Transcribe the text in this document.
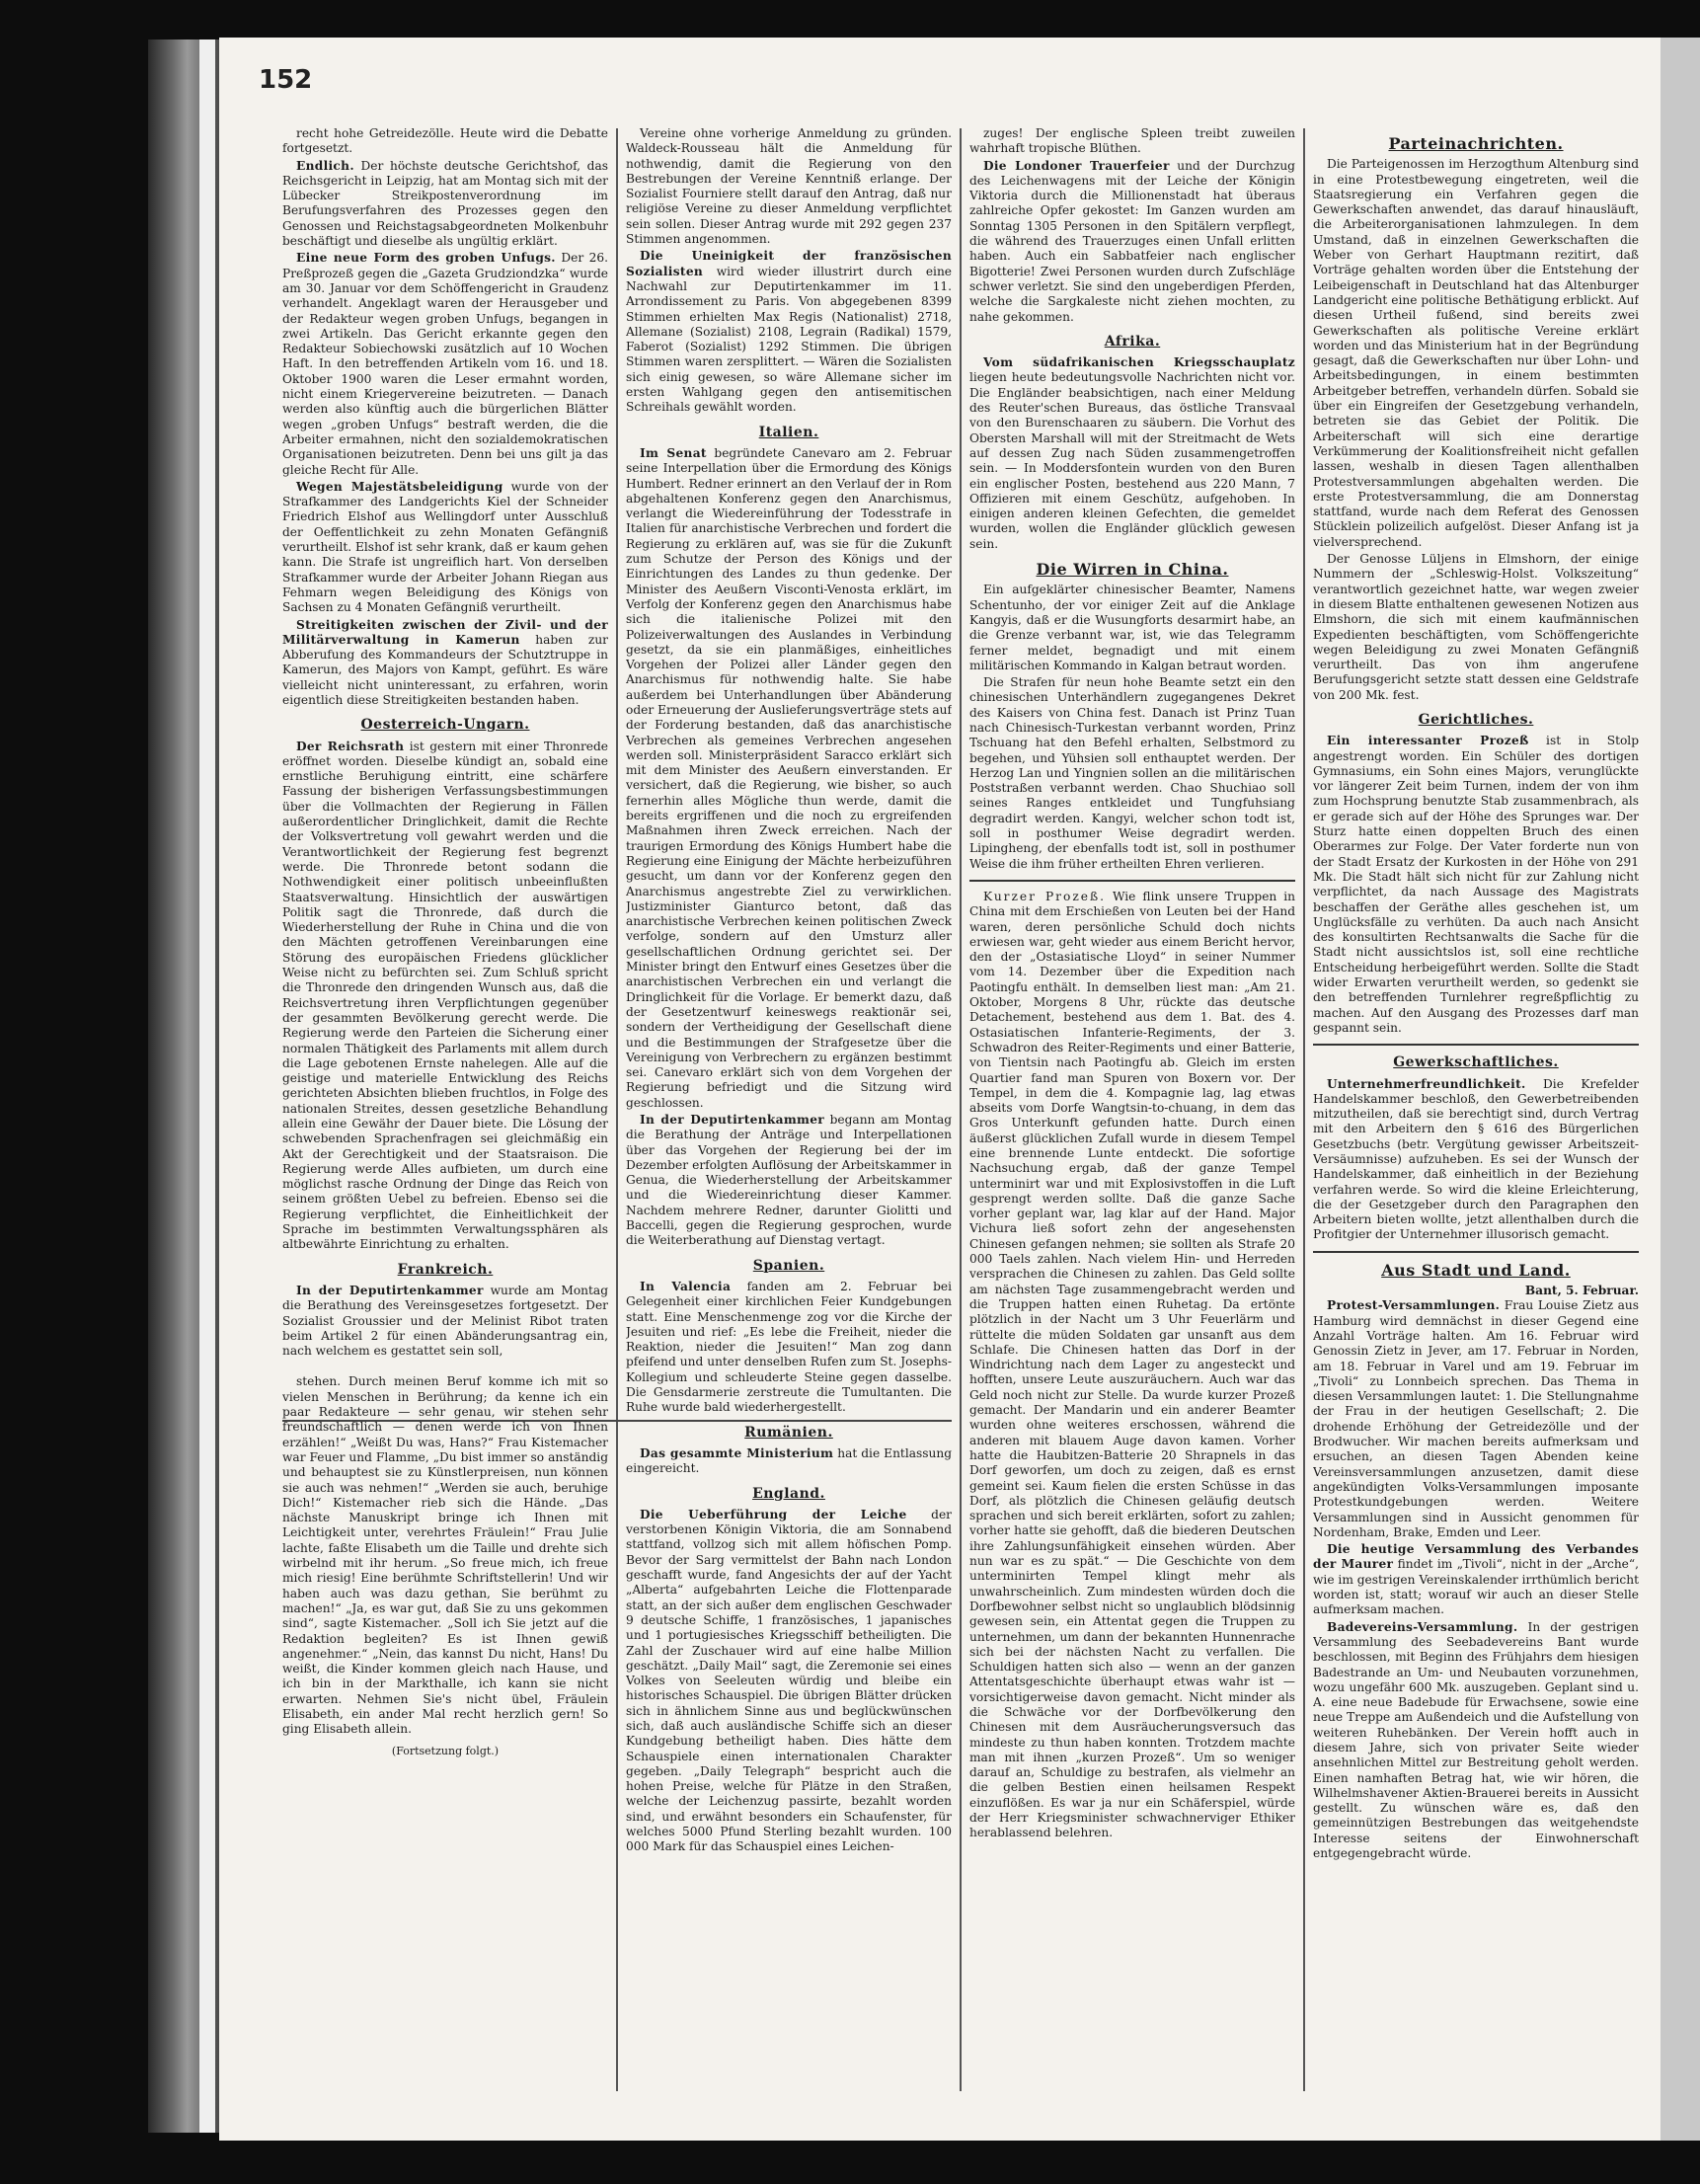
152

recht hohe Getreidezölle. Heute wird die Debatte fortgesetzt.

Endlich. Der höchste deutsche Gerichtshof, das Reichsgericht in Leipzig, hat am Montag sich mit der Lübecker Streikpostenverordnung im Berufungsverfahren des Prozesses gegen den Genossen und Reichstagsabgeordneten Molkenbuhr beschäftigt und dieselbe als ungültig erklärt.

Eine neue Form des groben Unfugs. Der 26. Preßprozeß gegen die „Gazeta Grudziondzka“ wurde am 30. Januar vor dem Schöffengericht in Graudenz verhandelt. Angeklagt waren der Herausgeber und der Redakteur wegen groben Unfugs, begangen in zwei Artikeln. Das Gericht erkannte gegen den Redakteur Sobiechowski zusätzlich auf 10 Wochen Haft. In den betreffenden Artikeln vom 16. und 18. Oktober 1900 waren die Leser ermahnt worden, nicht einem Kriegervereine beizutreten. — Danach werden also künftig auch die bürgerlichen Blätter wegen „groben Unfugs“ bestraft werden, die die Arbeiter ermahnen, nicht den sozialdemokratischen Organisationen beizutreten. Denn bei uns gilt ja das gleiche Recht für Alle.

Wegen Majestätsbeleidigung wurde von der Strafkammer des Landgerichts Kiel der Schneider Friedrich Elshof aus Wellingdorf unter Ausschluß der Oeffentlichkeit zu zehn Monaten Gefängniß verurtheilt. Elshof ist sehr krank, daß er kaum gehen kann. Die Strafe ist ungreiflich hart. Von derselben Strafkammer wurde der Arbeiter Johann Riegan aus Fehmarn wegen Beleidigung des Königs von Sachsen zu 4 Monaten Gefängniß verurtheilt.

Streitigkeiten zwischen der Zivil- und der Militärverwaltung in Kamerun haben zur Abberufung des Kommandeurs der Schutztruppe in Kamerun, des Majors von Kampt, geführt. Es wäre vielleicht nicht uninteressant, zu erfahren, worin eigentlich diese Streitigkeiten bestanden haben.

Oesterreich-Ungarn.

Der Reichsrath ist gestern mit einer Thronrede eröffnet worden. Dieselbe kündigt an, sobald eine ernstliche Beruhigung eintritt, eine schärfere Fassung der bisherigen Verfassungsbestimmungen über die Vollmachten der Regierung in Fällen außerordentlicher Dringlichkeit, damit die Rechte der Volksvertretung voll gewahrt werden und die Verantwortlichkeit der Regierung fest begrenzt werde. Die Thronrede betont sodann die Nothwendigkeit einer politisch unbeeinflußten Staatsverwaltung. Hinsichtlich der auswärtigen Politik sagt die Thronrede, daß durch die Wiederherstellung der Ruhe in China und die von den Mächten getroffenen Vereinbarungen eine Störung des europäischen Friedens glücklicher Weise nicht zu befürchten sei. Zum Schluß spricht die Thronrede den dringenden Wunsch aus, daß die Reichsvertretung ihren Verpflichtungen gegenüber der gesammten Bevölkerung gerecht werde. Die Regierung werde den Parteien die Sicherung einer normalen Thätigkeit des Parlaments mit allem durch die Lage gebotenen Ernste nahelegen. Alle auf die geistige und materielle Entwicklung des Reichs gerichteten Absichten blieben fruchtlos, in Folge des nationalen Streites, dessen gesetzliche Behandlung allein eine Gewähr der Dauer biete. Die Lösung der schwebenden Sprachenfragen sei gleichmäßig ein Akt der Gerechtigkeit und der Staatsraison. Die Regierung werde Alles aufbieten, um durch eine möglichst rasche Ordnung der Dinge das Reich von seinem größten Uebel zu befreien. Ebenso sei die Regierung verpflichtet, die Einheitlichkeit der Sprache im bestimmten Verwaltungssphären als altbewährte Einrichtung zu erhalten.

Frankreich.

In der Deputirtenkammer wurde am Montag die Berathung des Vereinsgesetzes fortgesetzt. Der Sozialist Groussier und der Melinist Ribot traten beim Artikel 2 für einen Abänderungsantrag ein, nach welchem es gestattet sein soll,

stehen. Durch meinen Beruf komme ich mit so vielen Menschen in Berührung; da kenne ich ein paar Redakteure — sehr genau, wir stehen sehr freundschaftlich — denen werde ich von Ihnen erzählen!“ „Weißt Du was, Hans?“ Frau Kistemacher war Feuer und Flamme, „Du bist immer so anständig und behauptest sie zu Künstlerpreisen, nun können sie auch was nehmen!“ „Werden sie auch, beruhige Dich!“ Kistemacher rieb sich die Hände. „Das nächste Manuskript bringe ich Ihnen mit Leichtigkeit unter, verehrtes Fräulein!“ Frau Julie lachte, faßte Elisabeth um die Taille und drehte sich wirbelnd mit ihr herum. „So freue mich, ich freue mich riesig! Eine berühmte Schriftstellerin! Und wir haben auch was dazu gethan, Sie berühmt zu machen!“ „Ja, es war gut, daß Sie zu uns gekommen sind“, sagte Kistemacher. „Soll ich Sie jetzt auf die Redaktion begleiten? Es ist Ihnen gewiß angenehmer.“ „Nein, das kannst Du nicht, Hans! Du weißt, die Kinder kommen gleich nach Hause, und ich bin in der Markthalle, ich kann sie nicht erwarten. Nehmen Sie's nicht übel, Fräulein Elisabeth, ein ander Mal recht herzlich gern! So ging Elisabeth allein.

(Fortsetzung folgt.)

Vereine ohne vorherige Anmeldung zu gründen. Waldeck-Rousseau hält die Anmeldung für nothwendig, damit die Regierung von den Bestrebungen der Vereine Kenntniß erlange. Der Sozialist Fourniere stellt darauf den Antrag, daß nur religiöse Vereine zu dieser Anmeldung verpflichtet sein sollen. Dieser Antrag wurde mit 292 gegen 237 Stimmen angenommen.

Die Uneinigkeit der französischen Sozialisten wird wieder illustrirt durch eine Nachwahl zur Deputirtenkammer im 11. Arrondissement zu Paris. Von abgegebenen 8399 Stimmen erhielten Max Regis (Nationalist) 2718, Allemane (Sozialist) 2108, Legrain (Radikal) 1579, Faberot (Sozialist) 1292 Stimmen. Die übrigen Stimmen waren zersplittert. — Wären die Sozialisten sich einig gewesen, so wäre Allemane sicher im ersten Wahlgang gegen den antisemitischen Schreihals gewählt worden.

Italien.

Im Senat begründete Canevaro am 2. Februar seine Interpellation über die Ermordung des Königs Humbert. Redner erinnert an den Verlauf der in Rom abgehaltenen Konferenz gegen den Anarchismus, verlangt die Wiedereinführung der Todesstrafe in Italien für anarchistische Verbrechen und fordert die Regierung zu erklären auf, was sie für die Zukunft zum Schutze der Person des Königs und der Einrichtungen des Landes zu thun gedenke. Der Minister des Aeußern Visconti-Venosta erklärt, im Verfolg der Konferenz gegen den Anarchismus habe sich die italienische Polizei mit den Polizeiverwaltungen des Auslandes in Verbindung gesetzt, da sie ein planmäßiges, einheitliches Vorgehen der Polizei aller Länder gegen den Anarchismus für nothwendig halte. Sie habe außerdem bei Unterhandlungen über Abänderung oder Erneuerung der Auslieferungsverträge stets auf der Forderung bestanden, daß das anarchistische Verbrechen als gemeines Verbrechen angesehen werden soll. Ministerpräsident Saracco erklärt sich mit dem Minister des Aeußern einverstanden. Er versichert, daß die Regierung, wie bisher, so auch fernerhin alles Mögliche thun werde, damit die bereits ergriffenen und die noch zu ergreifenden Maßnahmen ihren Zweck erreichen. Nach der traurigen Ermordung des Königs Humbert habe die Regierung eine Einigung der Mächte herbeizuführen gesucht, um dann vor der Konferenz gegen den Anarchismus angestrebte Ziel zu verwirklichen. Justizminister Gianturco betont, daß das anarchistische Verbrechen keinen politischen Zweck verfolge, sondern auf den Umsturz aller gesellschaftlichen Ordnung gerichtet sei. Der Minister bringt den Entwurf eines Gesetzes über die anarchistischen Verbrechen ein und verlangt die Dringlichkeit für die Vorlage. Er bemerkt dazu, daß der Gesetzentwurf keineswegs reaktionär sei, sondern der Vertheidigung der Gesellschaft diene und die Bestimmungen der Strafgesetze über die Vereinigung von Verbrechern zu ergänzen bestimmt sei. Canevaro erklärt sich von dem Vorgehen der Regierung befriedigt und die Sitzung wird geschlossen.

In der Deputirtenkammer begann am Montag die Berathung der Anträge und Interpellationen über das Vorgehen der Regierung bei der im Dezember erfolgten Auflösung der Arbeitskammer in Genua, die Wiederherstellung der Arbeitskammer und die Wiedereinrichtung dieser Kammer. Nachdem mehrere Redner, darunter Giolitti und Baccelli, gegen die Regierung gesprochen, wurde die Weiterberathung auf Dienstag vertagt.

Spanien.

In Valencia fanden am 2. Februar bei Gelegenheit einer kirchlichen Feier Kundgebungen statt. Eine Menschenmenge zog vor die Kirche der Jesuiten und rief: „Es lebe die Freiheit, nieder die Reaktion, nieder die Jesuiten!“ Man zog dann pfeifend und unter denselben Rufen zum St. Josephs-Kollegium und schleuderte Steine gegen dasselbe. Die Gensdarmerie zerstreute die Tumultanten. Die Ruhe wurde bald wiederhergestellt.

Rumänien.

Das gesammte Ministerium hat die Entlassung eingereicht.

England.

Die Ueberführung der Leiche der verstorbenen Königin Viktoria, die am Sonnabend stattfand, vollzog sich mit allem höfischen Pomp. Bevor der Sarg vermittelst der Bahn nach London geschafft wurde, fand Angesichts der auf der Yacht „Alberta“ aufgebahrten Leiche die Flottenparade statt, an der sich außer dem englischen Geschwader 9 deutsche Schiffe, 1 französisches, 1 japanisches und 1 portugiesisches Kriegsschiff betheiligten. Die Zahl der Zuschauer wird auf eine halbe Million geschätzt. „Daily Mail“ sagt, die Zeremonie sei eines Volkes von Seeleuten würdig und bleibe ein historisches Schauspiel. Die übrigen Blätter drücken sich in ähnlichem Sinne aus und beglückwünschen sich, daß auch ausländische Schiffe sich an dieser Kundgebung betheiligt haben. Dies hätte dem Schauspiele einen internationalen Charakter gegeben. „Daily Telegraph“ bespricht auch die hohen Preise, welche für Plätze in den Straßen, welche der Leichenzug passirte, bezahlt worden sind, und erwähnt besonders ein Schaufenster, für welches 5000 Pfund Sterling bezahlt wurden. 100 000 Mark für das Schauspiel eines Leichen-

zuges! Der englische Spleen treibt zuweilen wahrhaft tropische Blüthen.

Die Londoner Trauerfeier und der Durchzug des Leichenwagens mit der Leiche der Königin Viktoria durch die Millionenstadt hat überaus zahlreiche Opfer gekostet: Im Ganzen wurden am Sonntag 1305 Personen in den Spitälern verpflegt, die während des Trauerzuges einen Unfall erlitten haben. Auch ein Sabbatfeier nach englischer Bigotterie! Zwei Personen wurden durch Zufschläge schwer verletzt. Sie sind den ungeberdigen Pferden, welche die Sargkaleste nicht ziehen mochten, zu nahe gekommen.

Afrika.

Vom südafrikanischen Kriegsschauplatz liegen heute bedeutungsvolle Nachrichten nicht vor. Die Engländer beabsichtigen, nach einer Meldung des Reuter'schen Bureaus, das östliche Transvaal von den Burenschaaren zu säubern. Die Vorhut des Obersten Marshall will mit der Streitmacht de Wets auf dessen Zug nach Süden zusammengetroffen sein. — In Moddersfontein wurden von den Buren ein englischer Posten, bestehend aus 220 Mann, 7 Offizieren mit einem Geschütz, aufgehoben. In einigen anderen kleinen Gefechten, die gemeldet wurden, wollen die Engländer glücklich gewesen sein.

Die Wirren in China.

Ein aufgeklärter chinesischer Beamter, Namens Schentunho, der vor einiger Zeit auf die Anklage Kangyis, daß er die Wusungforts desarmirt habe, an die Grenze verbannt war, ist, wie das Telegramm ferner meldet, begnadigt und mit einem militärischen Kommando in Kalgan betraut worden.

Die Strafen für neun hohe Beamte setzt ein den chinesischen Unterhändlern zugegangenes Dekret des Kaisers von China fest. Danach ist Prinz Tuan nach Chinesisch-Turkestan verbannt worden, Prinz Tschuang hat den Befehl erhalten, Selbstmord zu begehen, und Yühsien soll enthauptet werden. Der Herzog Lan und Yingnien sollen an die militärischen Poststraßen verbannt werden. Chao Shuchiao soll seines Ranges entkleidet und Tungfuhsiang degradirt werden. Kangyi, welcher schon todt ist, soll in posthumer Weise degradirt werden. Lipingheng, der ebenfalls todt ist, soll in posthumer Weise die ihm früher ertheilten Ehren verlieren.

Kurzer Prozeß. Wie flink unsere Truppen in China mit dem Erschießen von Leuten bei der Hand waren, deren persönliche Schuld doch nichts erwiesen war, geht wieder aus einem Bericht hervor, den der „Ostasiatische Lloyd“ in seiner Nummer vom 14. Dezember über die Expedition nach Paotingfu enthält. In demselben liest man: „Am 21. Oktober, Morgens 8 Uhr, rückte das deutsche Detachement, bestehend aus dem 1. Bat. des 4. Ostasiatischen Infanterie-Regiments, der 3. Schwadron des Reiter-Regiments und einer Batterie, von Tientsin nach Paotingfu ab. Gleich im ersten Quartier fand man Spuren von Boxern vor. Der Tempel, in dem die 4. Kompagnie lag, lag etwas abseits vom Dorfe Wangtsin-to-chuang, in dem das Gros Unterkunft gefunden hatte. Durch einen äußerst glücklichen Zufall wurde in diesem Tempel eine brennende Lunte entdeckt. Die sofortige Nachsuchung ergab, daß der ganze Tempel unterminirt war und mit Explosivstoffen in die Luft gesprengt werden sollte. Daß die ganze Sache vorher geplant war, lag klar auf der Hand. Major Vichura ließ sofort zehn der angesehensten Chinesen gefangen nehmen; sie sollten als Strafe 20 000 Taels zahlen. Nach vielem Hin- und Herreden versprachen die Chinesen zu zahlen. Das Geld sollte am nächsten Tage zusammengebracht werden und die Truppen hatten einen Ruhetag. Da ertönte plötzlich in der Nacht um 3 Uhr Feuerlärm und rüttelte die müden Soldaten gar unsanft aus dem Schlafe. Die Chinesen hatten das Dorf in der Windrichtung nach dem Lager zu angesteckt und hofften, unsere Leute auszuräuchern. Auch war das Geld noch nicht zur Stelle. Da wurde kurzer Prozeß gemacht. Der Mandarin und ein anderer Beamter wurden ohne weiteres erschossen, während die anderen mit blauem Auge davon kamen. Vorher hatte die Haubitzen-Batterie 20 Shrapnels in das Dorf geworfen, um doch zu zeigen, daß es ernst gemeint sei. Kaum fielen die ersten Schüsse in das Dorf, als plötzlich die Chinesen geläufig deutsch sprachen und sich bereit erklärten, sofort zu zahlen; vorher hatte sie gehofft, daß die biederen Deutschen ihre Zahlungsunfähigkeit einsehen würden. Aber nun war es zu spät.“ — Die Geschichte von dem unterminirten Tempel klingt mehr als unwahrscheinlich. Zum mindesten würden doch die Dorfbewohner selbst nicht so unglaublich blödsinnig gewesen sein, ein Attentat gegen die Truppen zu unternehmen, um dann der bekannten Hunnenrache sich bei der nächsten Nacht zu verfallen. Die Schuldigen hatten sich also — wenn an der ganzen Attentatsgeschichte überhaupt etwas wahr ist — vorsichtigerweise davon gemacht. Nicht minder als die Schwäche vor der Dorfbevölkerung den Chinesen mit dem Ausräucherungsversuch das mindeste zu thun haben konnten. Trotzdem machte man mit ihnen „kurzen Prozeß“. Um so weniger darauf an, Schuldige zu bestrafen, als vielmehr an die gelben Bestien einen heilsamen Respekt einzuflößen. Es war ja nur ein Schäferspiel, würde der Herr Kriegsminister schwachnerviger Ethiker herablassend belehren.

Parteinachrichten.

Die Parteigenossen im Herzogthum Altenburg sind in eine Protestbewegung eingetreten, weil die Staatsregierung ein Verfahren gegen die Gewerkschaften anwendet, das darauf hinausläuft, die Arbeiterorganisationen lahmzulegen. In dem Umstand, daß in einzelnen Gewerkschaften die Weber von Gerhart Hauptmann rezitirt, daß Vorträge gehalten worden über die Entstehung der Leibeigenschaft in Deutschland hat das Altenburger Landgericht eine politische Bethätigung erblickt. Auf diesen Urtheil fußend, sind bereits zwei Gewerkschaften als politische Vereine erklärt worden und das Ministerium hat in der Begründung gesagt, daß die Gewerkschaften nur über Lohn- und Arbeitsbedingungen, in einem bestimmten Arbeitgeber betreffen, verhandeln dürfen. Sobald sie über ein Eingreifen der Gesetzgebung verhandeln, betreten sie das Gebiet der Politik. Die Arbeiterschaft will sich eine derartige Verkümmerung der Koalitionsfreiheit nicht gefallen lassen, weshalb in diesen Tagen allenthalben Protestversammlungen abgehalten werden. Die erste Protestversammlung, die am Donnerstag stattfand, wurde nach dem Referat des Genossen Stücklein polizeilich aufgelöst. Dieser Anfang ist ja vielversprechend.

Der Genosse Lüljens in Elmshorn, der einige Nummern der „Schleswig-Holst. Volkszeitung“ verantwortlich gezeichnet hatte, war wegen zweier in diesem Blatte enthaltenen gewesenen Notizen aus Elmshorn, die sich mit einem kaufmännischen Expedienten beschäftigten, vom Schöffengerichte wegen Beleidigung zu zwei Monaten Gefängniß verurtheilt. Das von ihm angerufene Berufungsgericht setzte statt dessen eine Geldstrafe von 200 Mk. fest.

Gerichtliches.

Ein interessanter Prozeß ist in Stolp angestrengt worden. Ein Schüler des dortigen Gymnasiums, ein Sohn eines Majors, verunglückte vor längerer Zeit beim Turnen, indem der von ihm zum Hochsprung benutzte Stab zusammenbrach, als er gerade sich auf der Höhe des Sprunges war. Der Sturz hatte einen doppelten Bruch des einen Oberarmes zur Folge. Der Vater forderte nun von der Stadt Ersatz der Kurkosten in der Höhe von 291 Mk. Die Stadt hält sich nicht für zur Zahlung nicht verpflichtet, da nach Aussage des Magistrats beschaffen der Geräthe alles geschehen ist, um Unglücksfälle zu verhüten. Da auch nach Ansicht des konsultirten Rechtsanwalts die Sache für die Stadt nicht aussichtslos ist, soll eine rechtliche Entscheidung herbeigeführt werden. Sollte die Stadt wider Erwarten verurtheilt werden, so gedenkt sie den betreffenden Turnlehrer regreßpflichtig zu machen. Auf den Ausgang des Prozesses darf man gespannt sein.

Gewerkschaftliches.

Unternehmerfreundlichkeit. Die Krefelder Handelskammer beschloß, den Gewerbetreibenden mitzutheilen, daß sie berechtigt sind, durch Vertrag mit den Arbeitern den § 616 des Bürgerlichen Gesetzbuchs (betr. Vergütung gewisser Arbeitszeit-Versäumnisse) aufzuheben. Es sei der Wunsch der Handelskammer, daß einheitlich in der Beziehung verfahren werde. So wird die kleine Erleichterung, die der Gesetzgeber durch den Paragraphen den Arbeitern bieten wollte, jetzt allenthalben durch die Profitgier der Unternehmer illusorisch gemacht.

Aus Stadt und Land.
Bant, 5. Februar.

Protest-Versammlungen. Frau Louise Zietz aus Hamburg wird demnächst in dieser Gegend eine Anzahl Vorträge halten. Am 16. Februar wird Genossin Zietz in Jever, am 17. Februar in Norden, am 18. Februar in Varel und am 19. Februar im „Tivoli“ zu Lonnbeich sprechen. Das Thema in diesen Versammlungen lautet: 1. Die Stellungnahme der Frau in der heutigen Gesellschaft; 2. Die drohende Erhöhung der Getreidezölle und der Brodwucher. Wir machen bereits aufmerksam und ersuchen, an diesen Tagen Abenden keine Vereinsversammlungen anzusetzen, damit diese angekündigten Volks-Versammlungen imposante Protestkundgebungen werden. Weitere Versammlungen sind in Aussicht genommen für Nordenham, Brake, Emden und Leer.

Die heutige Versammlung des Verbandes der Maurer findet im „Tivoli“, nicht in der „Arche“, wie im gestrigen Vereinskalender irrthümlich bericht worden ist, statt; worauf wir auch an dieser Stelle aufmerksam machen.

Badevereins-Versammlung. In der gestrigen Versammlung des Seebadevereins Bant wurde beschlossen, mit Beginn des Frühjahrs dem hiesigen Badestrande an Um- und Neubauten vorzunehmen, wozu ungefähr 600 Mk. auszugeben. Geplant sind u. A. eine neue Badebude für Erwachsene, sowie eine neue Treppe am Außendeich und die Aufstellung von weiteren Ruhebänken. Der Verein hofft auch in diesem Jahre, sich von privater Seite wieder ansehnlichen Mittel zur Bestreitung geholt werden. Einen namhaften Betrag hat, wie wir hören, die Wilhelmshavener Aktien-Brauerei bereits in Aussicht gestellt. Zu wünschen wäre es, daß den gemeinnützigen Bestrebungen das weitgehendste Interesse seitens der Einwohnerschaft entgegengebracht würde.
